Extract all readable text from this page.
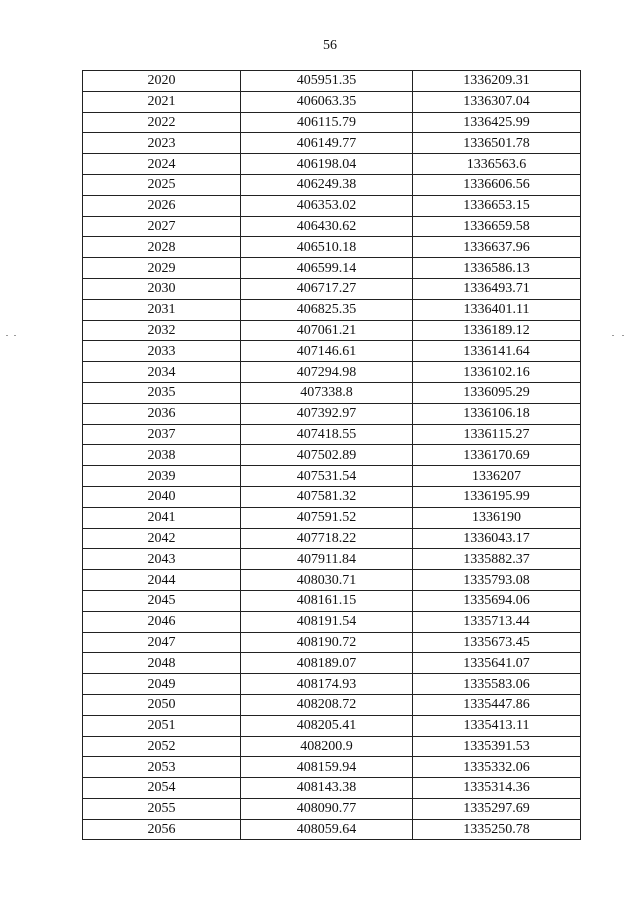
56
2020	405951.35	1336209.31
2021	406063.35	1336307.04
2022	406115.79	1336425.99
2023	406149.77	1336501.78
2024	406198.04	1336563.6
2025	406249.38	1336606.56
2026	406353.02	1336653.15
2027	406430.62	1336659.58
2028	406510.18	1336637.96
2029	406599.14	1336586.13
2030	406717.27	1336493.71
2031	406825.35	1336401.11
2032	407061.21	1336189.12
2033	407146.61	1336141.64
2034	407294.98	1336102.16
2035	407338.8	1336095.29
2036	407392.97	1336106.18
2037	407418.55	1336115.27
2038	407502.89	1336170.69
2039	407531.54	1336207
2040	407581.32	1336195.99
2041	407591.52	1336190
2042	407718.22	1336043.17
2043	407911.84	1335882.37
2044	408030.71	1335793.08
2045	408161.15	1335694.06
2046	408191.54	1335713.44
2047	408190.72	1335673.45
2048	408189.07	1335641.07
2049	408174.93	1335583.06
2050	408208.72	1335447.86
2051	408205.41	1335413.11
2052	408200.9	1335391.53
2053	408159.94	1335332.06
2054	408143.38	1335314.36
2055	408090.77	1335297.69
2056	408059.64	1335250.78
